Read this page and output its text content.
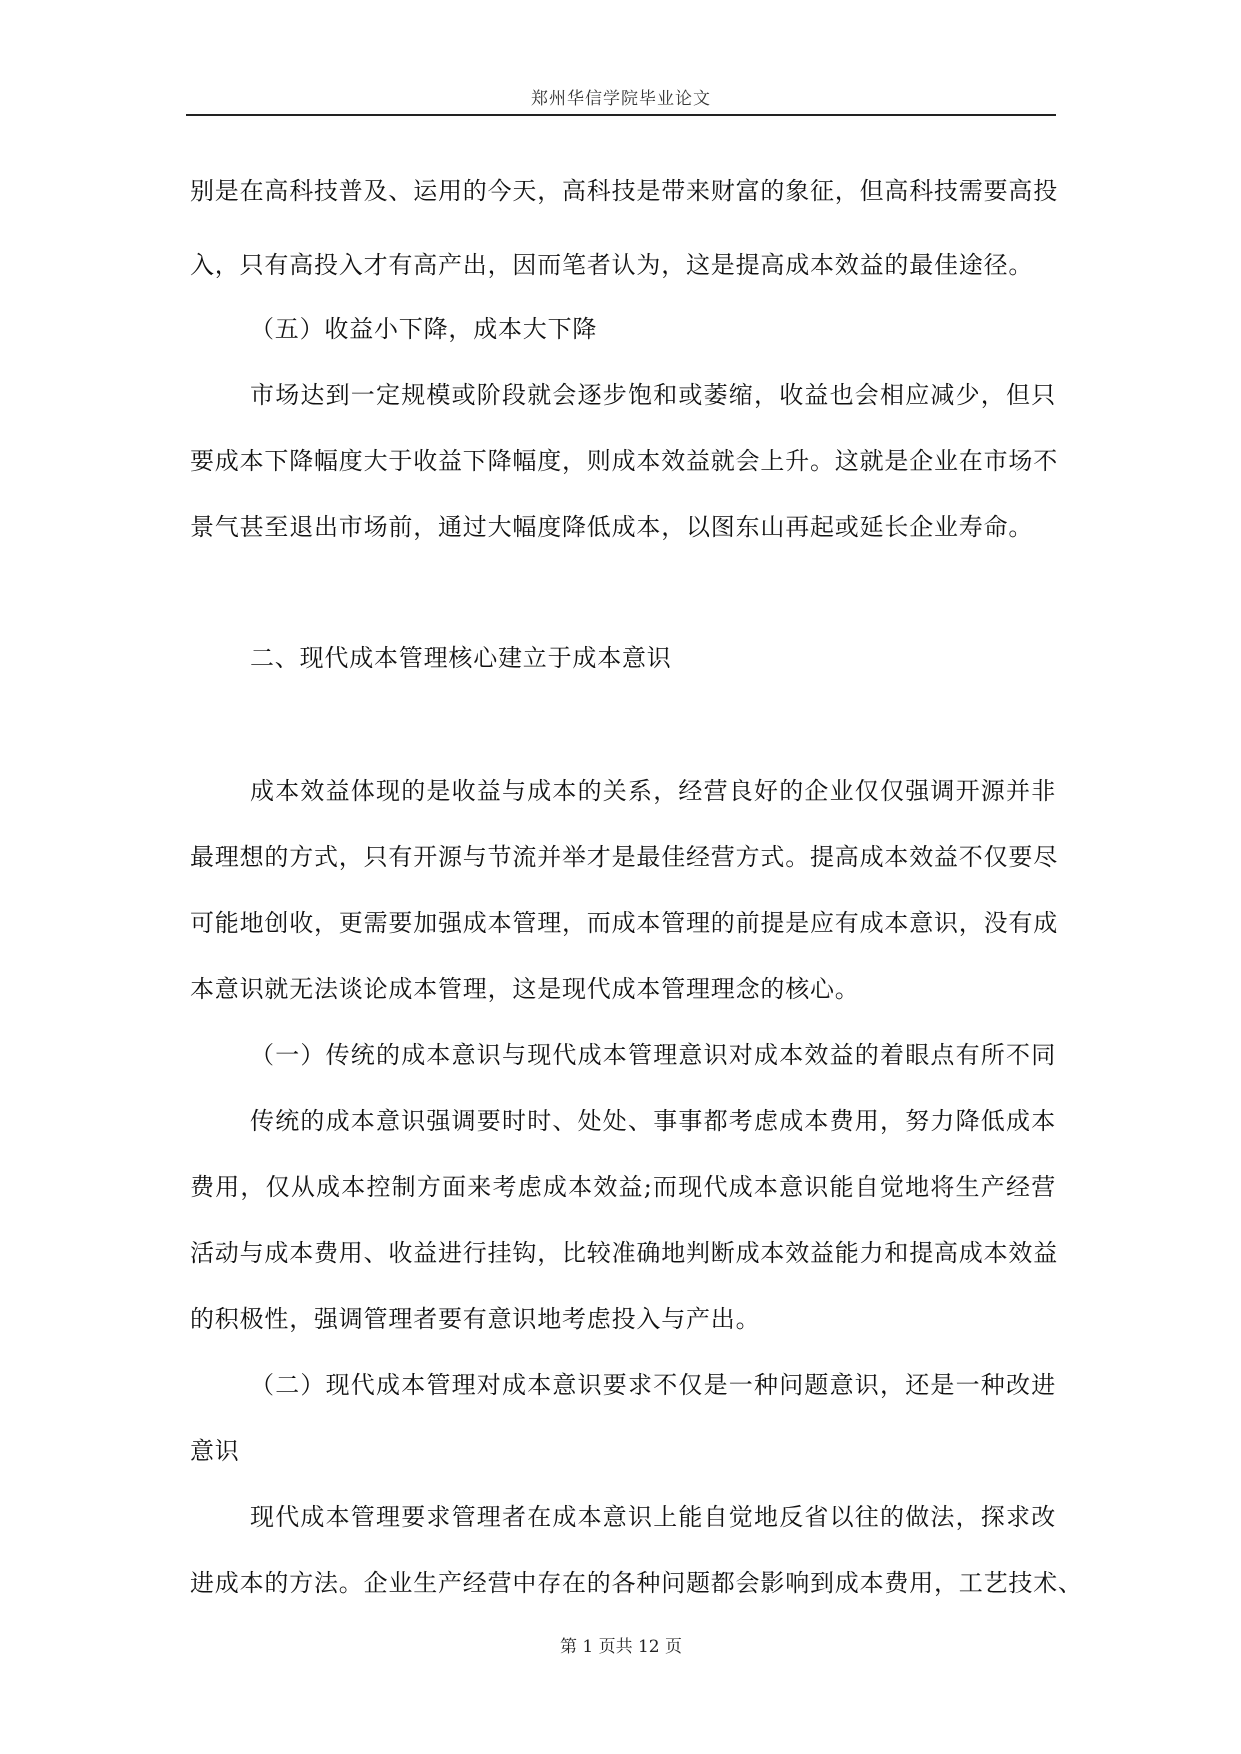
郑州华信学院毕业论文
别是在高科技普及、运用的今天，高科技是带来财富的象征，但高科技需要高投
入，只有高投入才有高产出，因而笔者认为，这是提高成本效益的最佳途径。
（五）收益小下降，成本大下降
市场达到一定规模或阶段就会逐步饱和或萎缩，收益也会相应减少，但只
要成本下降幅度大于收益下降幅度，则成本效益就会上升。这就是企业在市场不
景气甚至退出市场前，通过大幅度降低成本，以图东山再起或延长企业寿命。
二、现代成本管理核心建立于成本意识
成本效益体现的是收益与成本的关系，经营良好的企业仅仅强调开源并非
最理想的方式，只有开源与节流并举才是最佳经营方式。提高成本效益不仅要尽
可能地创收，更需要加强成本管理，而成本管理的前提是应有成本意识，没有成
本意识就无法谈论成本管理，这是现代成本管理理念的核心。
（一）传统的成本意识与现代成本管理意识对成本效益的着眼点有所不同
传统的成本意识强调要时时、处处、事事都考虑成本费用，努力降低成本
费用，仅从成本控制方面来考虑成本效益;而现代成本意识能自觉地将生产经营
活动与成本费用、收益进行挂钩，比较准确地判断成本效益能力和提高成本效益
的积极性，强调管理者要有意识地考虑投入与产出。
（二）现代成本管理对成本意识要求不仅是一种问题意识，还是一种改进
意识
现代成本管理要求管理者在成本意识上能自觉地反省以往的做法，探求改
进成本的方法。企业生产经营中存在的各种问题都会影响到成本费用，工艺技术、
第 1 页共 12 页
